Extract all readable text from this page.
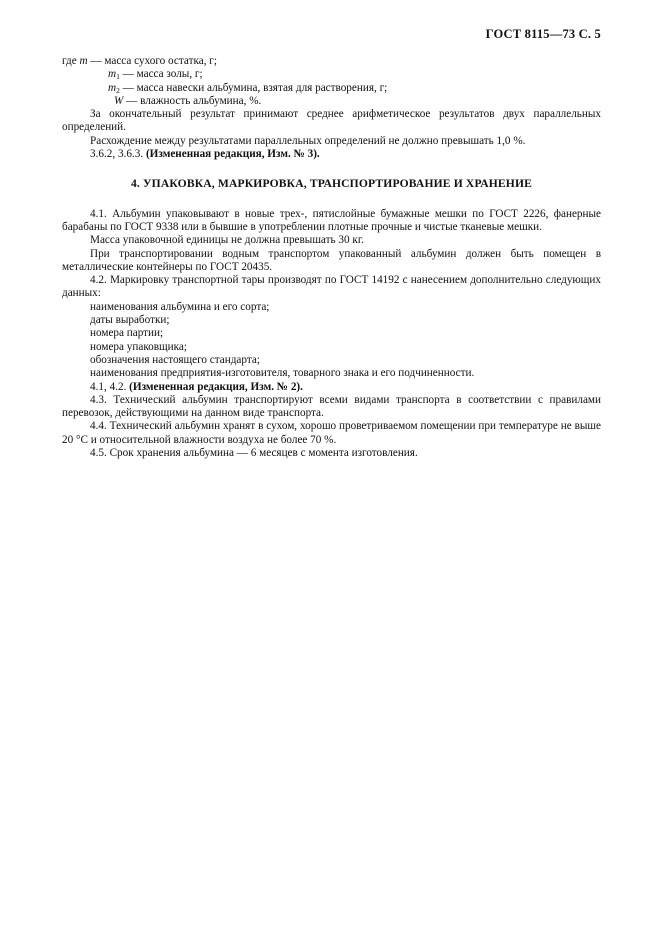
ГОСТ 8115—73 С. 5
где m — масса сухого остатка, г;
$m_1$ — масса золы, г;
$m_2$ — масса навески альбумина, взятая для растворения, г;
W — влажность альбумина, %.

За окончательный результат принимают среднее арифметическое результатов двух параллельных определений.

Расхождение между результатами параллельных определений не должно превышать 1,0 %.

3.6.2, 3.6.3. (Измененная редакция, Изм. № 3).
4. УПАКОВКА, МАРКИРОВКА, ТРАНСПОРТИРОВАНИЕ И ХРАНЕНИЕ

4.1. Альбумин упаковывают в новые трех-, пятислойные бумажные мешки по ГОСТ 2226, фанерные барабаны по ГОСТ 9338 или в бывшие в употреблении плотные прочные и чистые тканевые мешки.

Масса упаковочной единицы не должна превышать 30 кг.

При транспортировании водным транспортом упакованный альбумин должен быть помещен в металлические контейнеры по ГОСТ 20435.

4.2. Маркировку транспортной тары производят по ГОСТ 14192 с нанесением дополнительно следующих данных:

наименования альбумина и его сорта;
даты выработки;
номера партии;
номера упаковщика;
обозначения настоящего стандарта;
наименования предприятия-изготовителя, товарного знака и его подчиненности.
4.1, 4.2. (Измененная редакция, Изм. № 2).

4.3. Технический альбумин транспортируют всеми видами транспорта в соответствии с правилами перевозок, действующими на данном виде транспорта.

4.4. Технический альбумин хранят в сухом, хорошо проветриваемом помещении при температуре не выше 20 °С и относительной влажности воздуха не более 70 %.

4.5. Срок хранения альбумина — 6 месяцев с момента изготовления.
